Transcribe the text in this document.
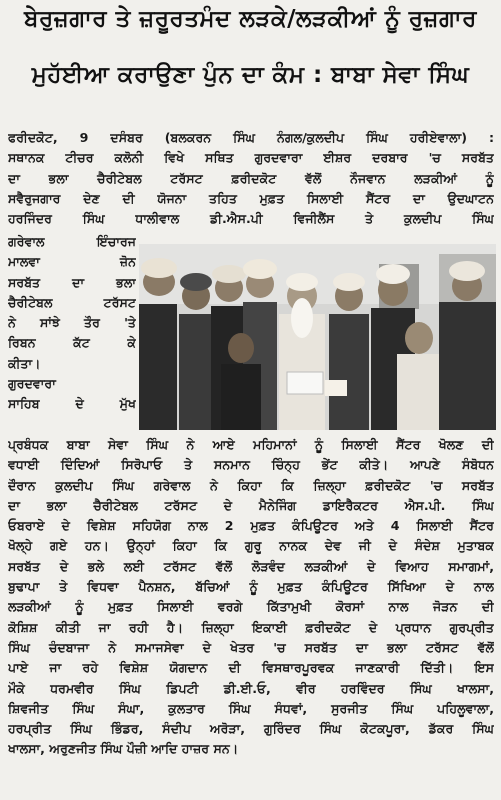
ਬੇਰੁਜ਼ਗਾਰ ਤੇ ਜ਼ਰੂਰਤਮੰਦ ਲੜਕੇ/ਲੜਕੀਆਂ ਨੂੰ ਰੁਜ਼ਗਾਰ
ਮੁਹੱਈਆ ਕਰਾਉਣਾ ਪੁੰਨ ਦਾ ਕੰਮ : ਬਾਬਾ ਸੇਵਾ ਸਿੰਘ
ਫਰੀਦਕੋਟ, 9 ਦਸੰਬਰ (ਬਲਕਰਨ ਸਿੰਘ ਨੰਗਲ/ਕੁਲਦੀਪ ਸਿੰਘ ਹਰੀਏਵਾਲਾ) :
ਸਥਾਨਕ ਟੀਚਰ ਕਲੋਨੀ ਵਿਖੇ ਸਥਿਤ ਗੁਰਦਵਾਰਾ ਈਸ਼ਰ ਦਰਬਾਰ 'ਚ ਸਰਬੱਤ
ਦਾ ਭਲਾ ਚੈਰੀਟੇਬਲ ਟਰੱਸਟ ਫ਼ਰੀਦਕੋਟ ਵੱਲੋਂ ਨੌਜਵਾਨ ਲੜਕੀਆਂ ਨੂੰ
ਸਵੈਰੁਜਗਾਰ ਦੇਣ ਦੀ ਯੋਜਨਾ ਤਹਿਤ ਮੁਫ਼ਤ ਸਿਲਾਈ ਸੈਂਟਰ ਦਾ ਉਦਘਾਟਨ
ਹਰਜਿੰਦਰ ਸਿੰਘ ਧਾਲੀਵਾਲ ਡੀ.ਐਸ.ਪੀ ਵਿਜੀਲੈਂਸ ਤੇ ਕੁਲਦੀਪ ਸਿੰਘ
ਗਰੇਵਾਲ ਇੰਚਾਰਜ
ਮਾਲਵਾ ਜ਼ੋਨ
ਸਰਬੱਤ ਦਾ ਭਲਾ
ਚੈਰੀਟੇਬਲ ਟਰੱਸਟ
ਨੇ ਸਾਂਝੇ ਤੌਰ 'ਤੇ
ਰਿਬਨ ਕੱਟ ਕੇ
ਕੀਤਾ।
ਗੁਰਦਵਾਰਾ
ਸਾਹਿਬ ਦੇ ਮੁੱਖ
ਪ੍ਰਬੰਧਕ ਬਾਬਾ ਸੇਵਾ ਸਿੰਘ ਨੇ ਆਏ ਮਹਿਮਾਨਾਂ ਨੂੰ ਸਿਲਾਈ ਸੈਂਟਰ ਖੋਲਣ ਦੀ
ਵਧਾਈ ਦਿੰਦਿਆਂ ਸਿਰੋਪਾਓ ਤੇ ਸਨਮਾਨ ਚਿੰਨ੍ਹ ਭੇਂਟ ਕੀਤੇ। ਆਪਣੇ ਸੰਬੋਧਨ
ਦੌਰਾਨ ਕੁਲਦੀਪ ਸਿੰਘ ਗਰੇਵਾਲ ਨੇ ਕਿਹਾ ਕਿ ਜ਼ਿਲ੍ਹਾ ਫ਼ਰੀਦਕੋਟ 'ਚ ਸਰਬੱਤ
ਦਾ ਭਲਾ ਚੈਰੀਟੇਬਲ ਟਰੱਸਟ ਦੇ ਮੈਨੇਜਿੰਗ ਡਾਇਰੈਕਟਰ ਐਸ.ਪੀ. ਸਿੰਘ
ਓਬਰਾਏ ਦੇ ਵਿਸ਼ੇਸ਼ ਸਹਿਯੋਗ ਨਾਲ 2 ਮੁਫ਼ਤ ਕੰਪਿਊਟਰ ਅਤੇ 4 ਸਿਲਾਈ ਸੈਂਟਰ
ਖੋਲ੍ਹੇ ਗਏ ਹਨ। ਉਨ੍ਹਾਂ ਕਿਹਾ ਕਿ ਗੁਰੂ ਨਾਨਕ ਦੇਵ ਜੀ ਦੇ ਸੰਦੇਸ਼ ਮੁਤਾਬਕ
ਸਰਬੱਤ ਦੇ ਭਲੇ ਲਈ ਟਰੱਸਟ ਵੱਲੋਂ ਲੋੜਵੰਦ ਲੜਕੀਆਂ ਦੇ ਵਿਆਹ ਸਮਾਗਮਾਂ,
ਬੁਢਾਪਾ ਤੇ ਵਿਧਵਾ ਪੈਨਸ਼ਨ, ਬੱਚਿਆਂ ਨੂੰ ਮੁਫ਼ਤ ਕੰਪਿਊਟਰ ਸਿੱਖਿਆ ਦੇ ਨਾਲ
ਲੜਕੀਆਂ ਨੂੰ ਮੁਫ਼ਤ ਸਿਲਾਈ ਵਰਗੇ ਕਿੱਤਾਮੁਖੀ ਕੋਰਸਾਂ ਨਾਲ ਜੋੜਨ ਦੀ
ਕੋਸ਼ਿਸ਼ ਕੀਤੀ ਜਾ ਰਹੀ ਹੈ। ਜ਼ਿਲ੍ਹਾ ਇਕਾਈ ਫ਼ਰੀਦਕੋਟ ਦੇ ਪ੍ਰਧਾਨ ਗੁਰਪ੍ਰੀਤ
ਸਿੰਘ ਚੰਦਬਾਜਾ ਨੇ ਸਮਾਜਸੇਵਾ ਦੇ ਖੇਤਰ 'ਚ ਸਰਬੱਤ ਦਾ ਭਲਾ ਟਰੱਸਟ ਵੱਲੋਂ
ਪਾਏ ਜਾ ਰਹੇ ਵਿਸ਼ੇਸ਼ ਯੋਗਦਾਨ ਦੀ ਵਿਸਥਾਰਪੂਰਵਕ ਜਾਣਕਾਰੀ ਦਿੱਤੀ। ਇਸ
ਮੌਕੇ ਧਰਮਵੀਰ ਸਿੰਘ ਡਿਪਟੀ ਡੀ.ਈ.ਓ, ਵੀਰ ਹਰਵਿੰਦਰ ਸਿੰਘ ਖਾਲਸਾ,
ਸ਼ਿਵਜੀਤ ਸਿੰਘ ਸੰਘਾ, ਕੁਲਤਾਰ ਸਿੰਘ ਸੰਧਵਾਂ, ਸੁਰਜੀਤ ਸਿੰਘ ਪਹਿਲੂਵਾਲਾ,
ਹਰਪ੍ਰੀਤ ਸਿੰਘ ਭਿੰਡਰ, ਸੰਦੀਪ ਅਰੋੜਾ, ਗੁਰਿੰਦਰ ਸਿੰਘ ਕੋਟਕਪੂਰਾ, ਡੱਕਰ ਸਿੰਘ
ਖਾਲਸਾ, ਅਰੁਣਜੀਤ ਸਿੰਘ ਪੌਜ਼ੀ ਆਦਿ ਹਾਜ਼ਰ ਸਨ।
